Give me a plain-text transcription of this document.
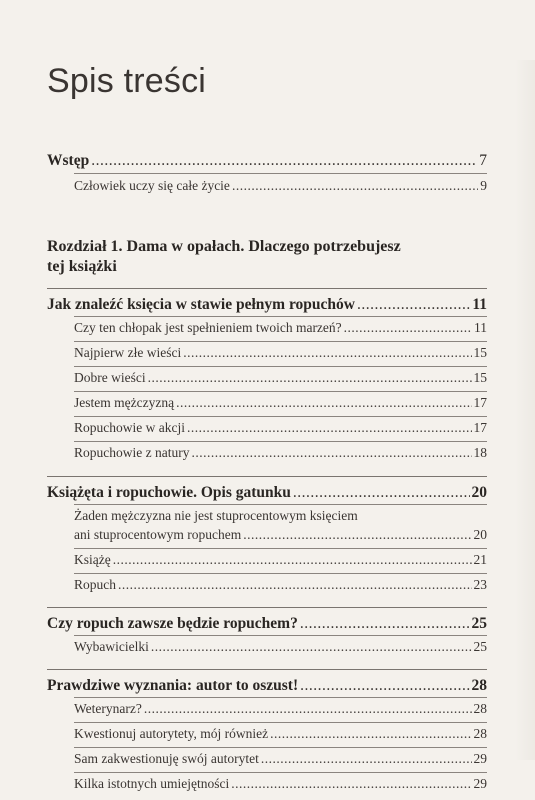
Spis treści
Wstęp .....	7
Człowiek uczy się całe życie .....	9
Rozdział 1. Dama w opałach. Dlaczego potrzebujesz
tej książki
Jak znaleźć księcia w stawie pełnym ropuchów .....	11
Czy ten chłopak jest spełnieniem twoich marzeń? .....	11
Najpierw złe wieści .....	15
Dobre wieści .....	15
Jestem mężczyzną .....	17
Ropuchowie w akcji .....	17
Ropuchowie z natury .....	18
Książęta i ropuchowie. Opis gatunku .....	20
Żaden mężczyzna nie jest stuprocentowym księciem
ani stuprocentowym ropuchem .....	20
Książę .....	21
Ropuch .....	23
Czy ropuch zawsze będzie ropuchem? .....	25
Wybawicielki .....	25
Prawdziwe wyznania: autor to oszust! .....	28
Weterynarz? .....	28
Kwestionuj autorytety, mój również .....	28
Sam zakwestionuję swój autorytet .....	29
Kilka istotnych umiejętności .....	29
